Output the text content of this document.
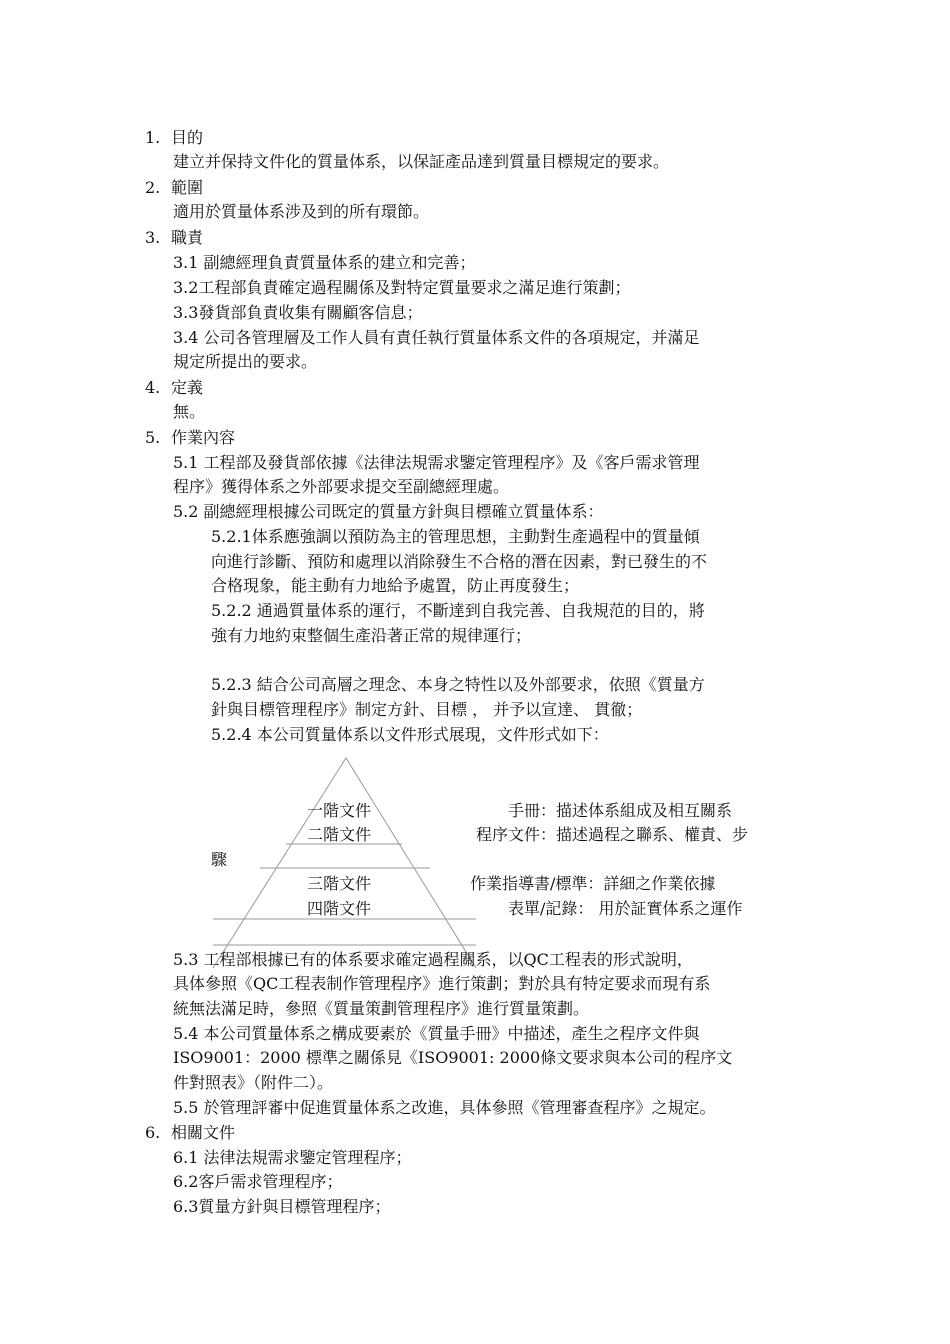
1. 目的
建立并保持文件化的質量体系，以保証產品達到質量目標規定的要求。
2. 範圍
適用於質量体系涉及到的所有環節。
3. 職責
3.1 副總經理負責質量体系的建立和完善；
3.2工程部負責確定過程關係及對特定質量要求之滿足進行策劃；
3.3發貨部負責收集有關顧客信息；
3.4 公司各管理層及工作人員有責任執行質量体系文件的各項規定，并滿足
規定所提出的要求。
4. 定義
無。
5. 作業內容
5.1 工程部及發貨部依據《法律法規需求鑒定管理程序》及《客戶需求管理
程序》獲得体系之外部要求提交至副總經理處。
5.2 副總經理根據公司既定的質量方針與目標確立質量体系：
5.2.1体系應強調以預防為主的管理思想，主動對生產過程中的質量傾
向進行診斷、預防和處理以消除發生不合格的潛在因素，對已發生的不
合格現象，能主動有力地給予處置，防止再度發生；
5.2.2 通過質量体系的運行，不斷達到自我完善、自我規范的目的，將
強有力地約束整個生產沿著正常的規律運行；
5.2.3 結合公司高層之理念、本身之特性以及外部要求，依照《質量方
針與目標管理程序》制定方針、目標 ， 并予以宣達、 貫徹；
5.2.4 本公司質量体系以文件形式展現，文件形式如下：
一階文件
二階文件
三階文件
四階文件
手冊：描述体系組成及相互關系
程序文件：描述過程之聯系、權責、步
驟
作業指導書/標準：詳細之作業依據
表單/記錄： 用於証實体系之運作
5.3 工程部根據已有的体系要求確定過程關系，以QC工程表的形式說明，
具体參照《QC工程表制作管理程序》進行策劃；對於具有特定要求而現有系
統無法滿足時，參照《質量策劃管理程序》進行質量策劃。
5.4 本公司質量体系之構成要素於《質量手冊》中描述，產生之程序文件與
ISO9001：2000 標準之關係見《ISO9001: 2000條文要求與本公司的程序文
件對照表》（附件二）。
5.5 於管理評審中促進質量体系之改進，具体參照《管理審查程序》之規定。
6. 相關文件
6.1 法律法規需求鑒定管理程序；
6.2客戶需求管理程序；
6.3質量方針與目標管理程序；
